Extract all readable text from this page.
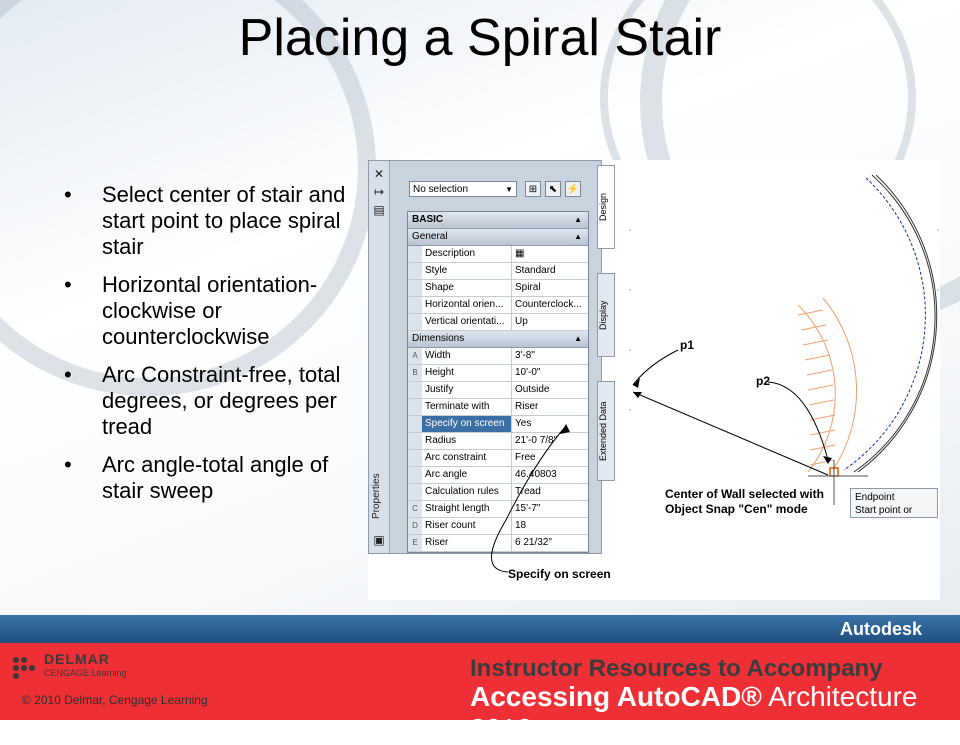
Placing a Spiral Stair
• Select center of stair and start point to place spiral stair
• Horizontal orientation-clockwise or counterclockwise
• Arc Constraint-free, total degrees, or degrees per tread
• Arc angle-total angle of stair sweep
✕
↦
▤
Properties
▣
No selection	▼	⊞	⬉ ⚡
BASIC	▲
General	▲
Description	▦
Style	Standard
Shape	Spiral
Horizontal orien...	Counterclock...
Vertical orientati...	Up
Dimensions	▲
A Width	3'-8"
B Height	10'-0"
Justify	Outside
Terminate with	Riser
Specify on screen	Yes
Radius	21'-0 7/8"
Arc constraint	Free
Arc angle	46.40803
Calculation rules	Tread
C Straight length	15'-7"
D Riser count	18
E Riser	6 21/32"
Design
Display
Extended Data
p1
p2
Center of Wall selected with Object Snap "Cen" mode
Specify on screen
Endpoint
Start point or
Autodesk
DELMAR
CENGAGE Learning
© 2010 Delmar, Cengage Learning
Instructor Resources to Accompany
Accessing AutoCAD® Architecture 2010
